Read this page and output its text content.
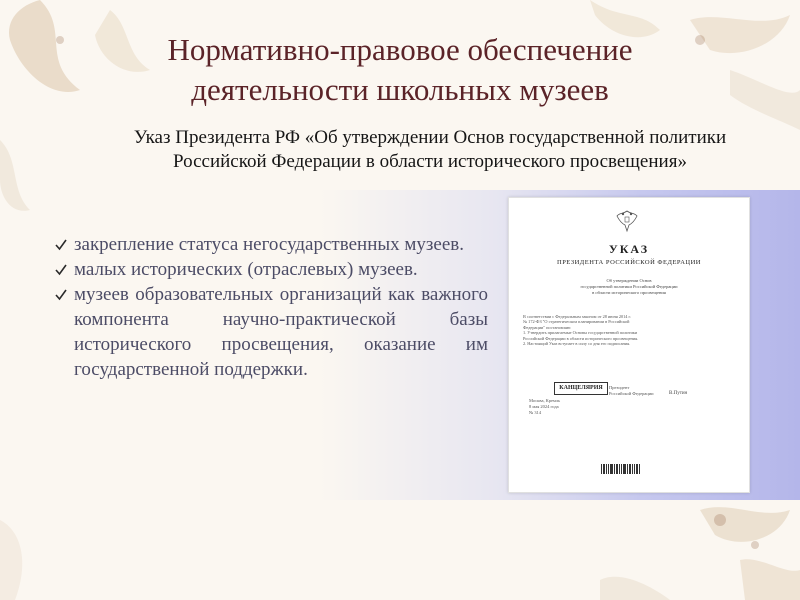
Нормативно-правовое обеспечение
деятельности школьных музеев
Указ Президента РФ «Об утверждении Основ государственной политики
Российской Федерации в области исторического просвещения»
закрепление статуса негосударственных музеев.
малых исторических (отраслевых) музеев.
музеев образовательных организаций как важного компонента научно-практической базы исторического просвещения, оказание им государственной поддержки.
УКАЗ
ПРЕЗИДЕНТА РОССИЙСКОЙ ФЕДЕРАЦИИ
Об утверждении Основ
государственной политики Российской Федерации
в области исторического просвещения
В соответствии с Федеральным законом от 28 июня 2014 г.
№ 172-ФЗ "О стратегическом планировании в Российской
Федерации" постановляю:
1. Утвердить прилагаемые Основы государственной политики
Российской Федерации в области исторического просвещения.
2. Настоящий Указ вступает в силу со дня его подписания.
КАНЦЕЛЯРИЯ	Президент
Российской Федерации	В.Путин
Москва, Кремль
8 мая 2024 года
№ 314
